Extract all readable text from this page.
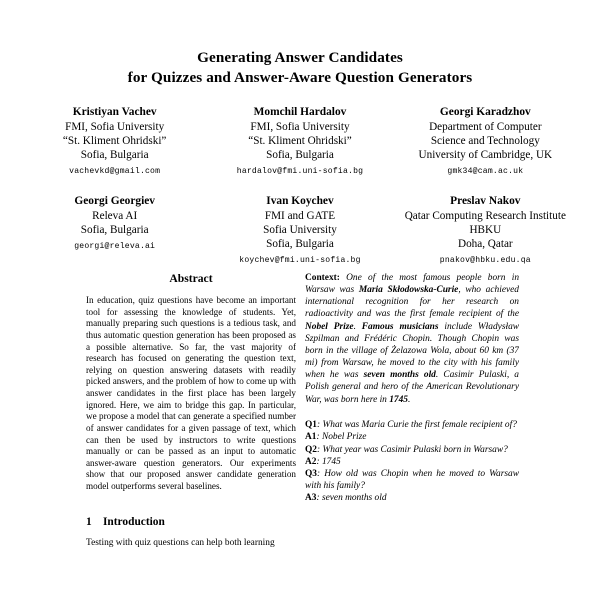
Generating Answer Candidates
for Quizzes and Answer-Aware Question Generators
Kristiyan Vachev
FMI, Sofia University
“St. Kliment Ohridski”
Sofia, Bulgaria
vachevkd@gmail.com
Momchil Hardalov
FMI, Sofia University
“St. Kliment Ohridski”
Sofia, Bulgaria
hardalov@fmi.uni-sofia.bg
Georgi Karadzhov
Department of Computer
Science and Technology
University of Cambridge, UK
gmk34@cam.ac.uk
Georgi Georgiev
Releva AI
Sofia, Bulgaria
georgi@releva.ai
Ivan Koychev
FMI and GATE
Sofia University
Sofia, Bulgaria
koychev@fmi.uni-sofia.bg
Preslav Nakov
Qatar Computing Research Institute
HBKU
Doha, Qatar
pnakov@hbku.edu.qa
Abstract
In education, quiz questions have become an important tool for assessing the knowledge of students. Yet, manually preparing such questions is a tedious task, and thus automatic question generation has been proposed as a possible alternative. So far, the vast majority of research has focused on generating the question text, relying on question answering datasets with readily picked answers, and the problem of how to come up with answer candidates in the first place has been largely ignored. Here, we aim to bridge this gap. In particular, we propose a model that can generate a specified number of answer candidates for a given passage of text, which can then be used by instructors to write questions manually or can be passed as an input to automatic answer-aware question generators. Our experiments show that our proposed answer candidate generation model outperforms several baselines.
1 Introduction
Testing with quiz questions can help both learning
Context: One of the most famous people born in Warsaw was Maria Skłodowska-Curie, who achieved international recognition for her research on radioactivity and was the first female recipient of the Nobel Prize. Famous musicians include Władysław Szpilman and Frédéric Chopin. Though Chopin was born in the village of Żelazowa Wola, about 60 km (37 mi) from Warsaw, he moved to the city with his family when he was seven months old. Casimir Pulaski, a Polish general and hero of the American Revolutionary War, was born here in 1745.
Q1: What was Maria Curie the first female recipient of?
A1: Nobel Prize
Q2: What year was Casimir Pulaski born in Warsaw?
A2: 1745
Q3: How old was Chopin when he moved to Warsaw with his family?
A3: seven months old
